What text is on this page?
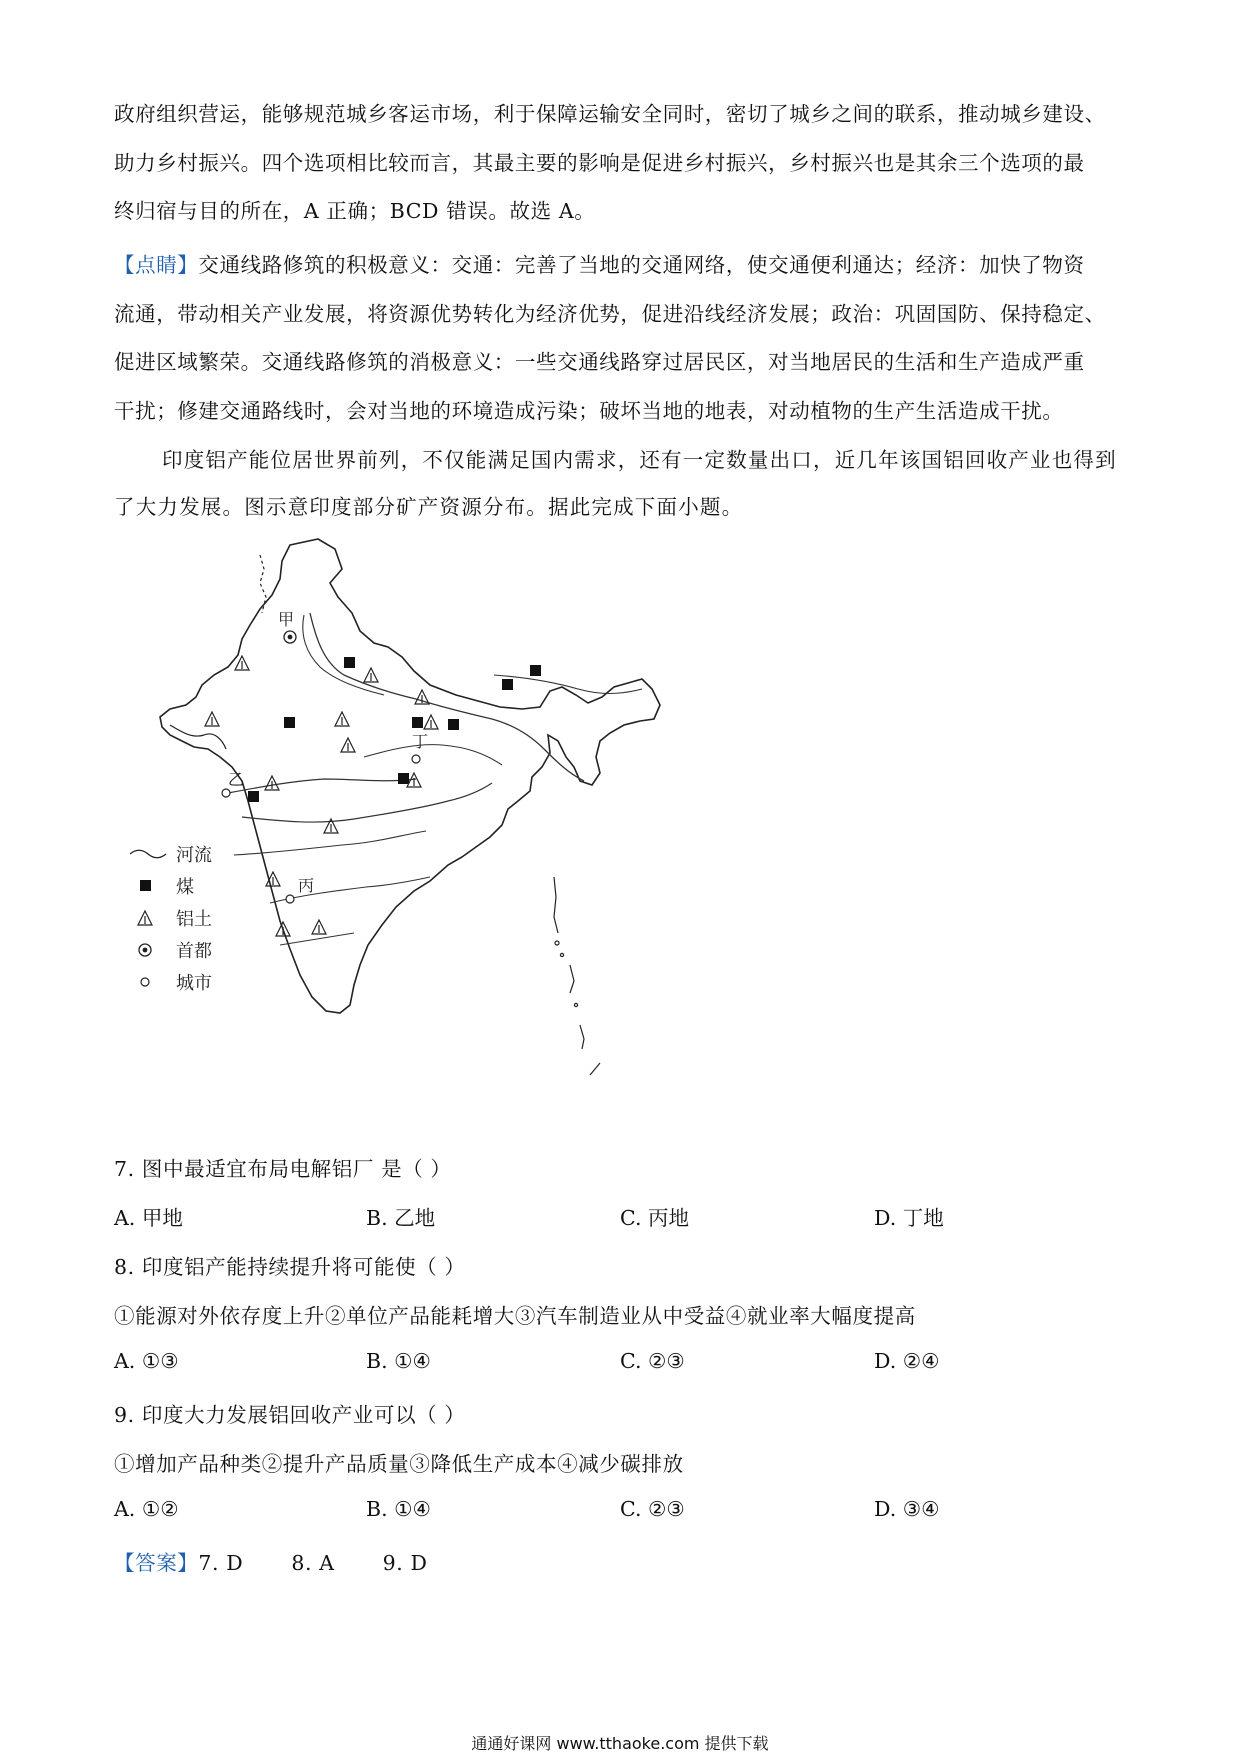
政府组织营运，能够规范城乡客运市场，利于保障运输安全同时，密切了城乡之间的联系，推动城乡建设、
助力乡村振兴。四个选项相比较而言，其最主要的影响是促进乡村振兴，乡村振兴也是其余三个选项的最
终归宿与目的所在，A 正确；BCD 错误。故选 A。
【点睛】交通线路修筑的积极意义：交通：完善了当地的交通网络，使交通便利通达；经济：加快了物资
流通，带动相关产业发展，将资源优势转化为经济优势，促进沿线经济发展；政治：巩固国防、保持稳定、
促进区域繁荣。交通线路修筑的消极意义：一些交通线路穿过居民区，对当地居民的生活和生产造成严重
干扰；修建交通路线时，会对当地的环境造成污染；破坏当地的地表，对动植物的生产生活造成干扰。
印度铝产能位居世界前列，不仅能满足国内需求，还有一定数量出口，近几年该国铝回收产业也得到
了大力发展。图示意印度部分矿产资源分布。据此完成下面小题。
甲
乙
丙
丁
河流
煤
铝土
首都
城市
7. 图中最适宜布局电解铝厂 是（ ）
A. 甲地	B. 乙地	C. 丙地	D. 丁地
8. 印度铝产能持续提升将可能使（ ）
①能源对外依存度上升②单位产品能耗增大③汽车制造业从中受益④就业率大幅度提高
A. ①③	B. ①④	C. ②③	D. ②④
9. 印度大力发展铝回收产业可以（ ）
①增加产品种类②提升产品质量③降低生产成本④减少碳排放
A. ①②	B. ①④	C. ②③	D. ③④
【答案】7. D 8. A 9. D
通通好课网 www.tthaoke.com 提供下载
